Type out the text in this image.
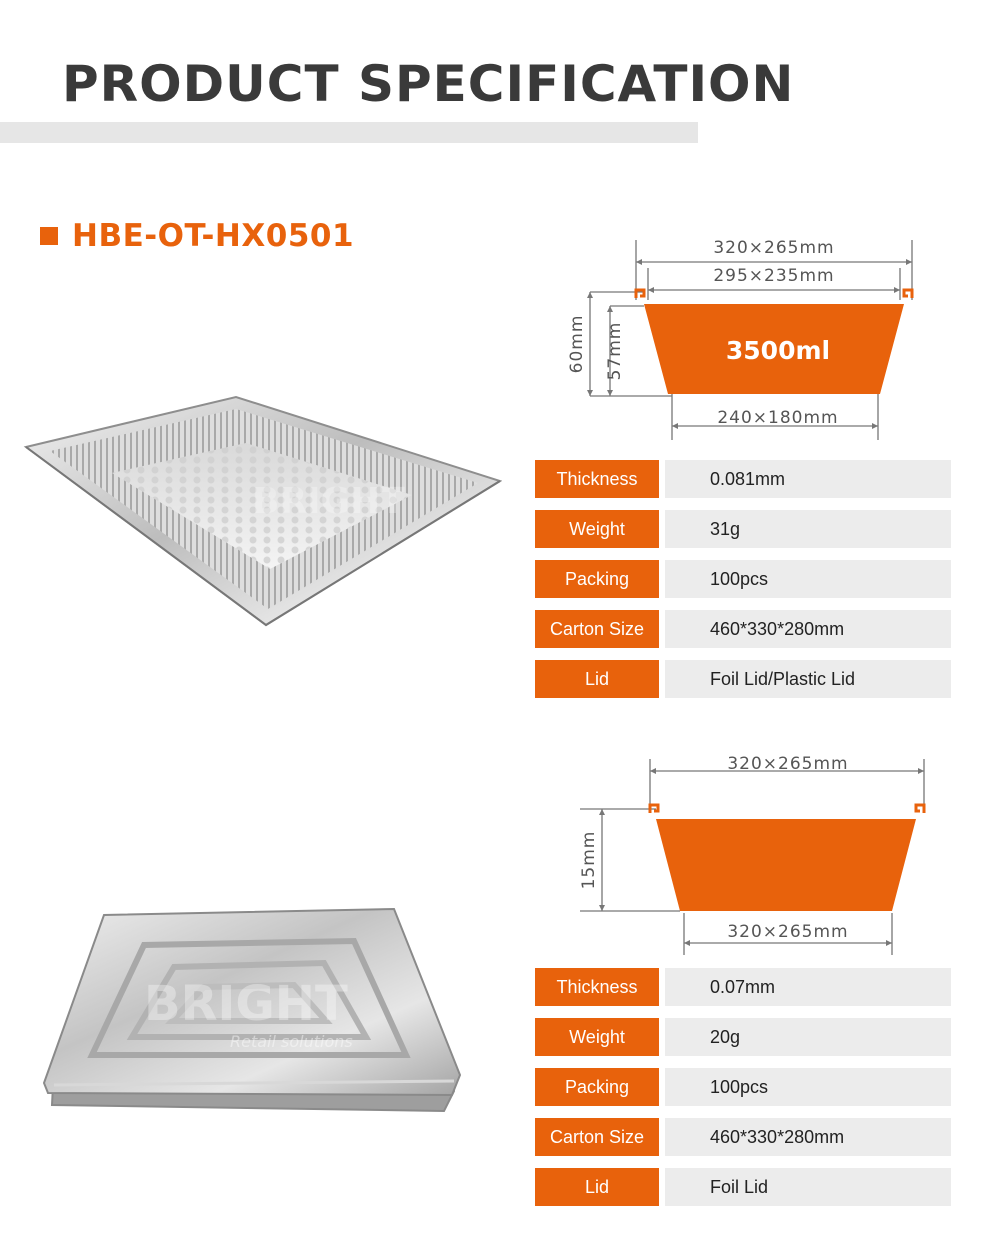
PRODUCT SPECIFICATION
HBE-OT-HX0501
BRIGHT
320×265mm
295×235mm
240×180mm
60mm 57mm	3500ml
Thickness	0.081mm
Weight	31g
Packing	100pcs
Carton Size	460*330*280mm
Lid	Foil Lid/Plastic Lid
BRIGHT
Retail solutions
320×265mm
320×265mm
15mm
Thickness	0.07mm
Weight	20g
Packing	100pcs
Carton Size	460*330*280mm
Lid	Foil Lid
